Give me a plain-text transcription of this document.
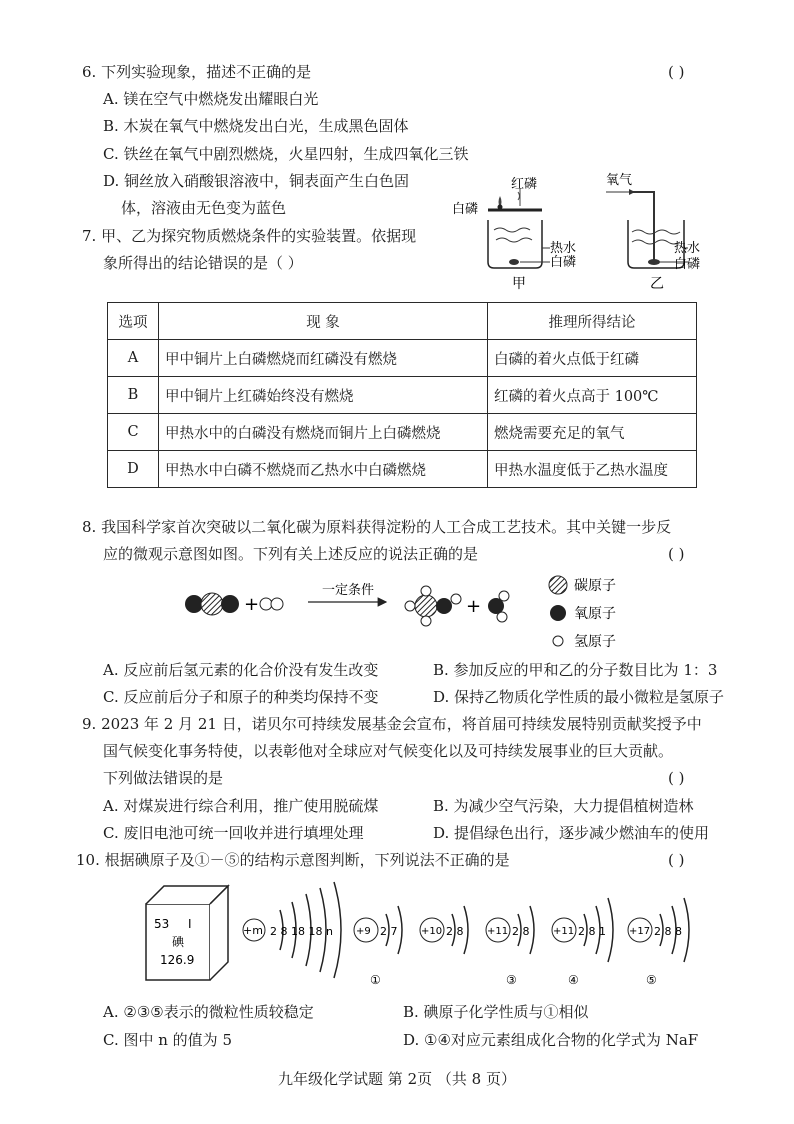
6. 下列实验现象，描述不正确的是	( )
A. 镁在空气中燃烧发出耀眼白光
B. 木炭在氧气中燃烧发出白光，生成黑色固体
C. 铁丝在氧气中剧烈燃烧，火星四射，生成四氧化三铁
D. 铜丝放入硝酸银溶液中，铜表面产生白色固
体，溶液由无色变为蓝色
7. 甲、乙为探究物质燃烧条件的实验装置。依据现
象所得出的结论错误的是（ ）
红磷
白磷
热水
白磷
甲
氧气
热水
白磷
乙
选项	现 象	推理所得结论
A	甲中铜片上白磷燃烧而红磷没有燃烧	白磷的着火点低于红磷
B	甲中铜片上红磷始终没有燃烧	红磷的着火点高于 100℃
C	甲热水中的白磷没有燃烧而铜片上白磷燃烧	燃烧需要充足的氧气
D	甲热水中白磷不燃烧而乙热水中白磷燃烧	甲热水温度低于乙热水温度
8. 我国科学家首次突破以二氧化碳为原料获得淀粉的人工合成工艺技术。其中关键一步反
应的微观示意图如图。下列有关上述反应的说法正确的是	( )
+
一定条件
+
碳原子
氧原子
氢原子
A. 反应前后氢元素的化合价没有发生改变	B. 参加反应的甲和乙的分子数目比为 1：3
C. 反应前后分子和原子的种类均保持不变	D. 保持乙物质化学性质的最小微粒是氢原子
9. 2023 年 2 月 21 日，诺贝尔可持续发展基金会宣布，将首届可持续发展特别贡献奖授予中
国气候变化事务特使，以表彰他对全球应对气候变化以及可持续发展事业的巨大贡献。
下列做法错误的是	( )
A. 对煤炭进行综合利用，推广使用脱硫煤	B. 为减少空气污染，大力提倡植树造林
C. 废旧电池可统一回收并进行填埋处理	D. 提倡绿色出行，逐步减少燃油车的使用
10. 根据碘原子及①－⑤的结构示意图判断，下列说法不正确的是	( )
53 I
碘
126.9
+m 2 8 18 18 n +9 2 7
①
+10 2 8 +11 2 8
③
+11 2 8 1
④
+17 2 8 8
⑤
A. ②③⑤表示的微粒性质较稳定	B. 碘原子化学性质与①相似
C. 图中 n 的值为 5	D. ①④对应元素组成化合物的化学式为 NaF
九年级化学试题 第 2页 （共 8 页）
